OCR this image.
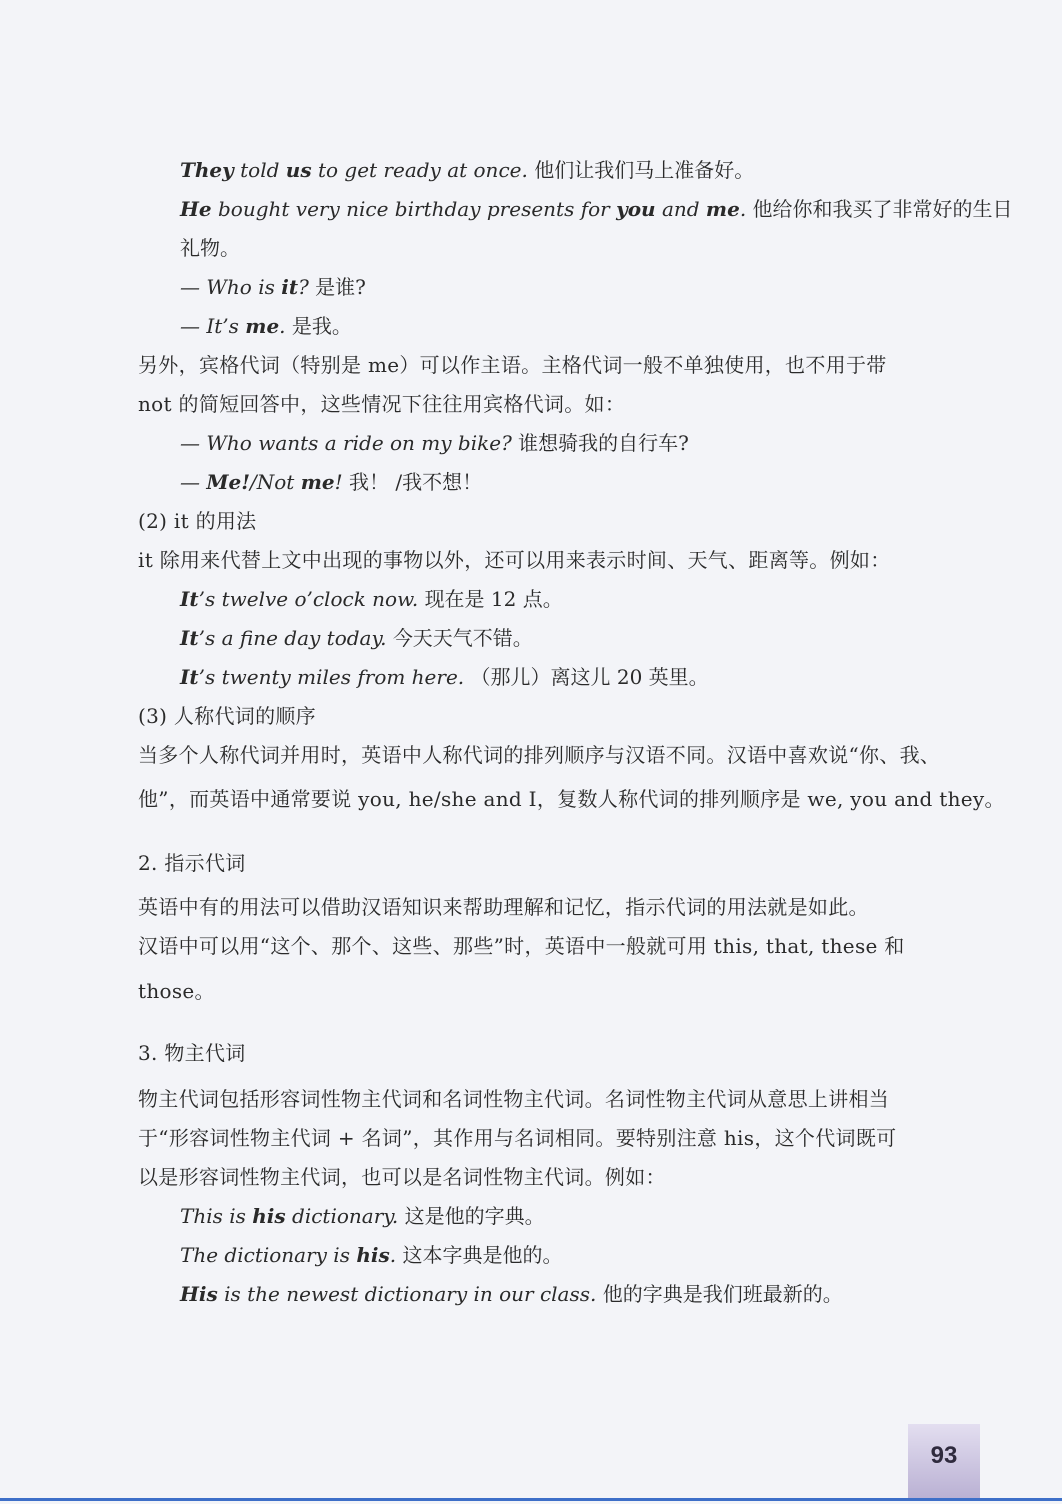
They told us to get ready at once. 他们让我们马上准备好。
He bought very nice birthday presents for you and me. 他给你和我买了非常好的生日
礼物。
— Who is it? 是谁?
— It’s me. 是我。
另外，宾格代词（特别是 me）可以作主语。主格代词一般不单独使用，也不用于带
not 的简短回答中，这些情况下往往用宾格代词。如：
— Who wants a ride on my bike? 谁想骑我的自行车?
— Me!/Not me! 我！ /我不想！
(2) it 的用法
it 除用来代替上文中出现的事物以外，还可以用来表示时间、天气、距离等。例如：
It’s twelve o’clock now. 现在是 12 点。
It’s a fine day today. 今天天气不错。
It’s twenty miles from here. （那儿）离这儿 20 英里。
(3) 人称代词的顺序
当多个人称代词并用时，英语中人称代词的排列顺序与汉语不同。汉语中喜欢说“你、我、
他”，而英语中通常要说 you, he/she and I，复数人称代词的排列顺序是 we, you and they。
2. 指示代词
英语中有的用法可以借助汉语知识来帮助理解和记忆，指示代词的用法就是如此。
汉语中可以用“这个、那个、这些、那些”时，英语中一般就可用 this, that, these 和
those。
3. 物主代词
物主代词包括形容词性物主代词和名词性物主代词。名词性物主代词从意思上讲相当
于“形容词性物主代词 + 名词”，其作用与名词相同。要特别注意 his，这个代词既可
以是形容词性物主代词，也可以是名词性物主代词。例如：
This is his dictionary. 这是他的字典。
The dictionary is his. 这本字典是他的。
His is the newest dictionary in our class. 他的字典是我们班最新的。
93
